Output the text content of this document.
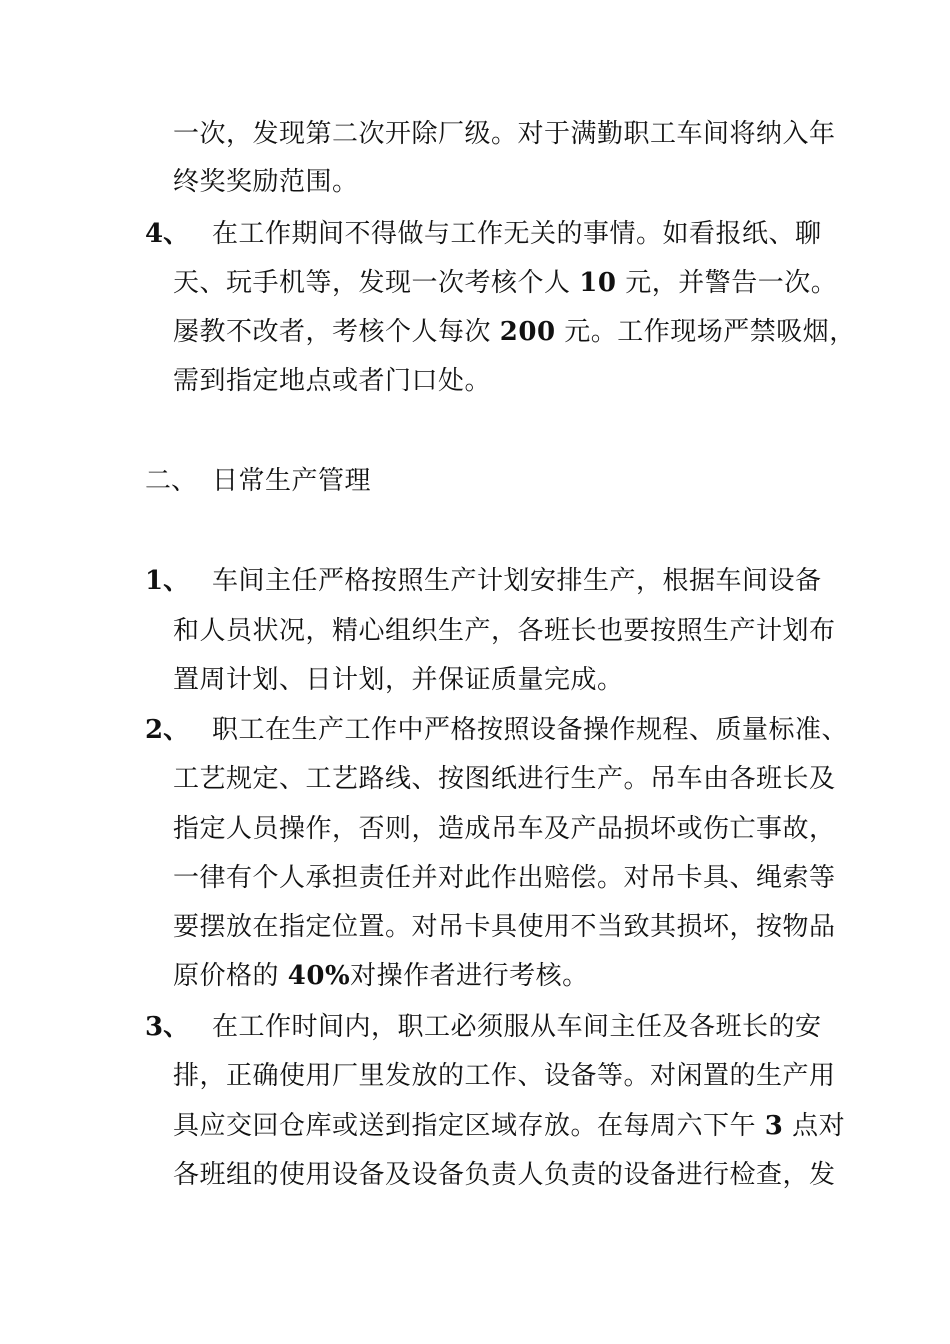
一次，发现第二次开除厂级。对于满勤职工车间将纳入年
终奖奖励范围。
4、 在工作期间不得做与工作无关的事情。如看报纸、聊
天、玩手机等，发现一次考核个人 10 元，并警告一次。
屡教不改者，考核个人每次 200 元。工作现场严禁吸烟，
需到指定地点或者门口处。
二、 日常生产管理
1、 车间主任严格按照生产计划安排生产，根据车间设备
和人员状况，精心组织生产，各班长也要按照生产计划布
置周计划、日计划，并保证质量完成。
2、 职工在生产工作中严格按照设备操作规程、质量标准、
工艺规定、工艺路线、按图纸进行生产。吊车由各班长及
指定人员操作，否则，造成吊车及产品损坏或伤亡事故，
一律有个人承担责任并对此作出赔偿。对吊卡具、绳索等
要摆放在指定位置。对吊卡具使用不当致其损坏，按物品
原价格的 40%对操作者进行考核。
3、 在工作时间内，职工必须服从车间主任及各班长的安
排，正确使用厂里发放的工作、设备等。对闲置的生产用
具应交回仓库或送到指定区域存放。在每周六下午 3 点对
各班组的使用设备及设备负责人负责的设备进行检查，发
